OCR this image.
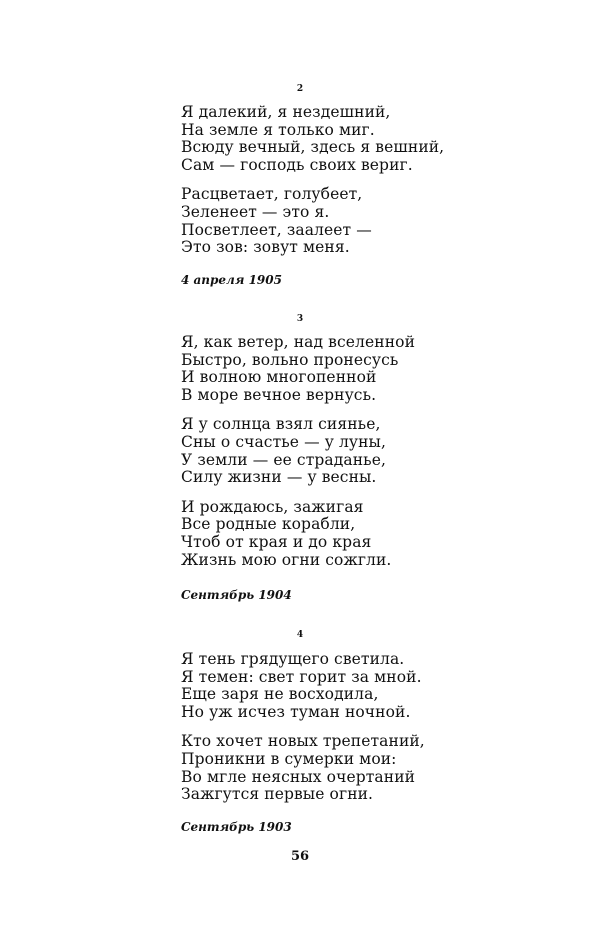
2

Я далекий, я нездешний,

На земле я только миг.

Всюду вечный, здесь я вешний,

Сам — господь своих вериг.

Расцветает, голубеет,

Зеленеет — это я.

Посветлеет, заалеет —

Это зов: зовут меня.

4 апреля 1905
3

Я, как ветер, над вселенной

Быстро, вольно пронесусь

И волною многопенной

В море вечное вернусь.

Я у солнца взял сиянье,

Сны о счастье — у луны,

У земли — ее страданье,

Силу жизни — у весны.

И рождаюсь, зажигая

Все родные корабли,

Чтоб от края и до края

Жизнь мою огни сожгли.

Сентябрь 1904
4

Я тень грядущего светила.

Я темен: свет горит за мной.

Еще заря не восходила,

Но уж исчез туман ночной.

Кто хочет новых трепетаний,

Проникни в сумерки мои:

Во мгле неясных очертаний

Зажгутся первые огни.

Сентябрь 1903
56
